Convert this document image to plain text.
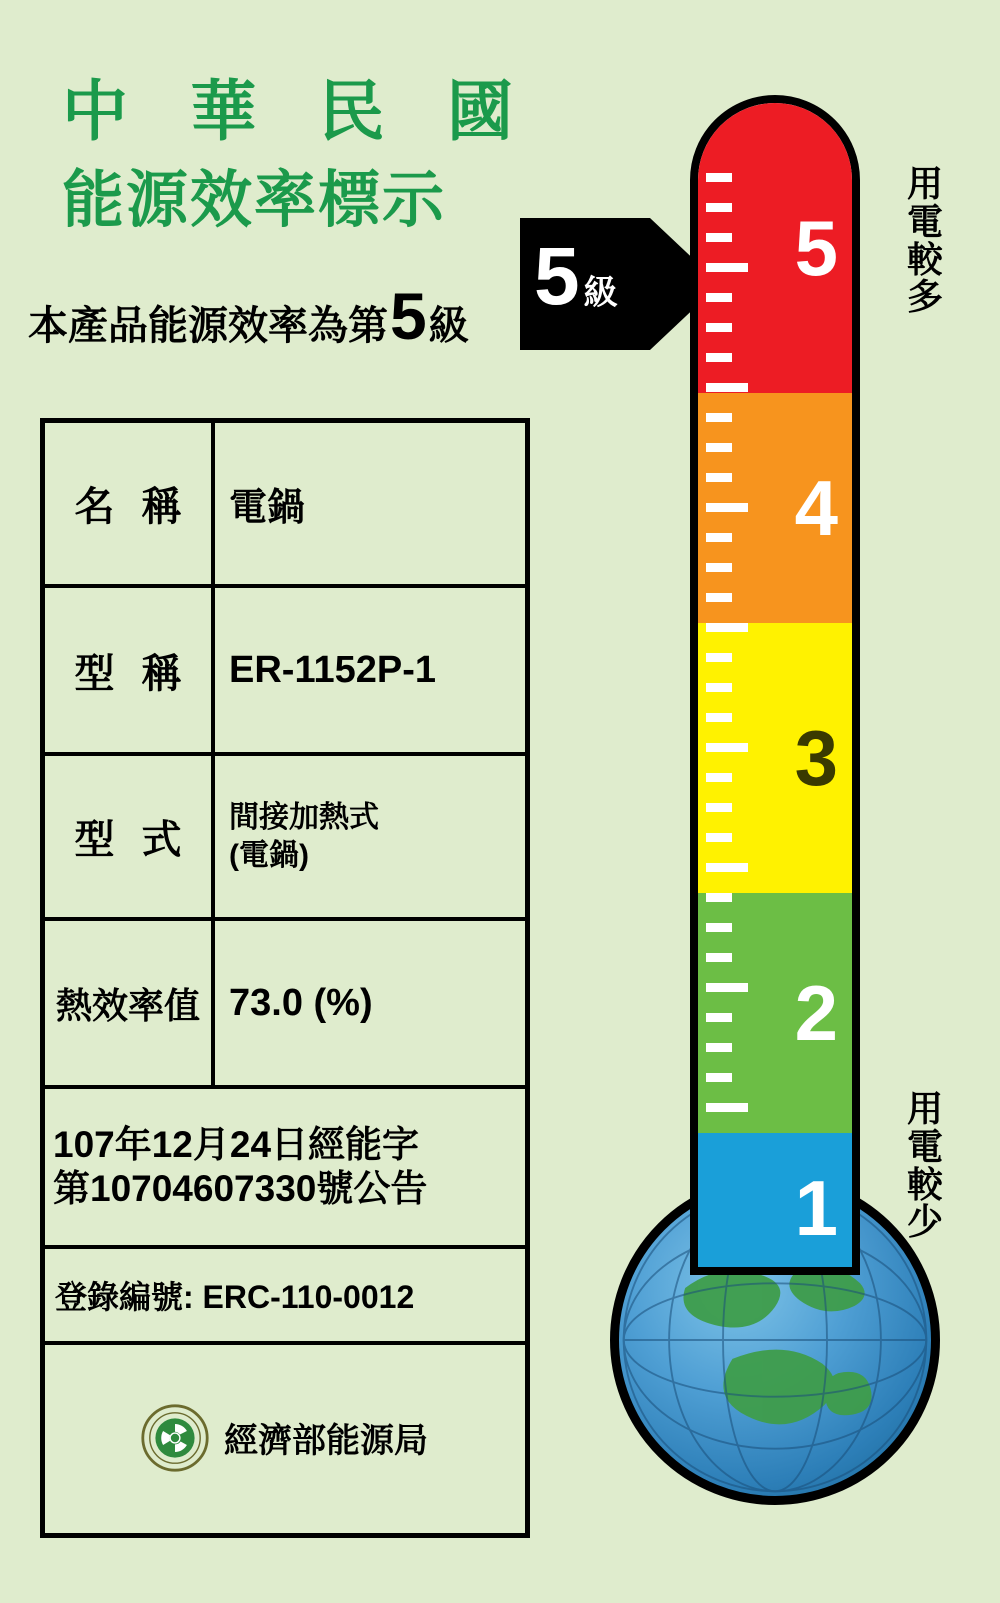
中 華 民 國
能源效率標示
本產品能源效率為第 5 級
5 級
名 稱	電鍋
型 稱	ER-1152P-1
型 式
間接加熱式
(電鍋)
熱效率值 73.0 (%)
107年12月24日經能字
第10704607330號公告
登錄編號: ERC-110-0012
經濟部能源局
5
4
3
2
1
用
電
較
多
用
電
較
少
